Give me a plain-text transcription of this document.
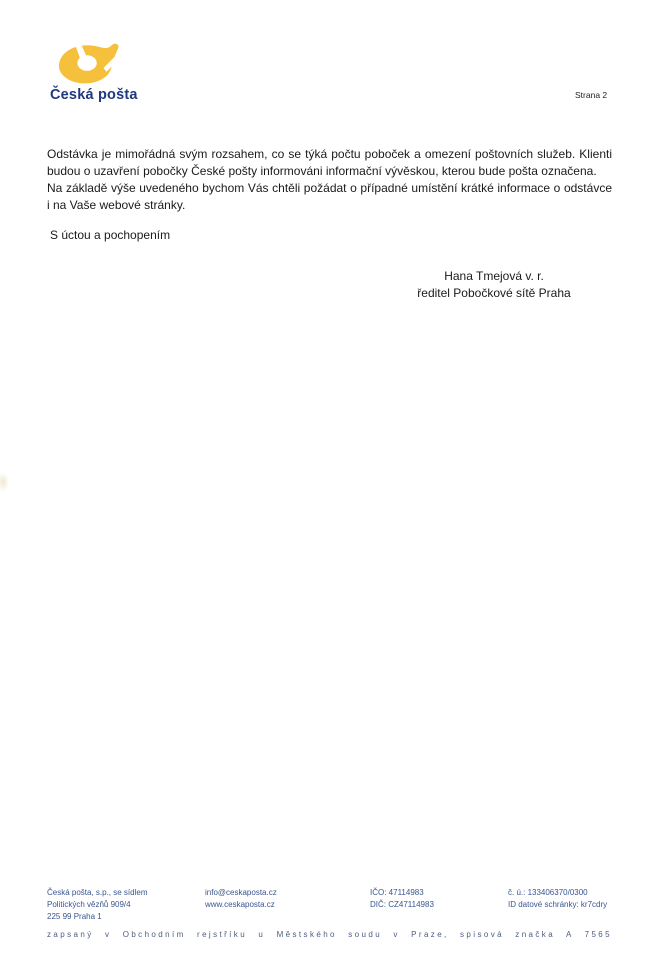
Česká pošta	Strana 2
Odstávka je mimořádná svým rozsahem, co se týká počtu poboček a omezení poštovních služeb. Klienti
budou o uzavření pobočky České pošty informováni informační vývěskou, kterou bude pošta označena.
Na základě výše uvedeného bychom Vás chtěli požádat o případné umístění krátké informace o odstávce
i na Vaše webové stránky.
S úctou a pochopením
Hana Tmejová v. r.
ředitel Pobočkové sítě Praha
Česká pošta, s.p., se sídlem
Politických vězňů 909/4
225 99 Praha 1
info@ceskaposta.cz
www.ceskaposta.cz
IČO: 47114983
DIČ: CZ47114983
č. ú.: 133406370/0300
ID datové schránky: kr7cdry
zapsaný v Obchodním rejstříku u Městského soudu v Praze, spisová značka A 7565
